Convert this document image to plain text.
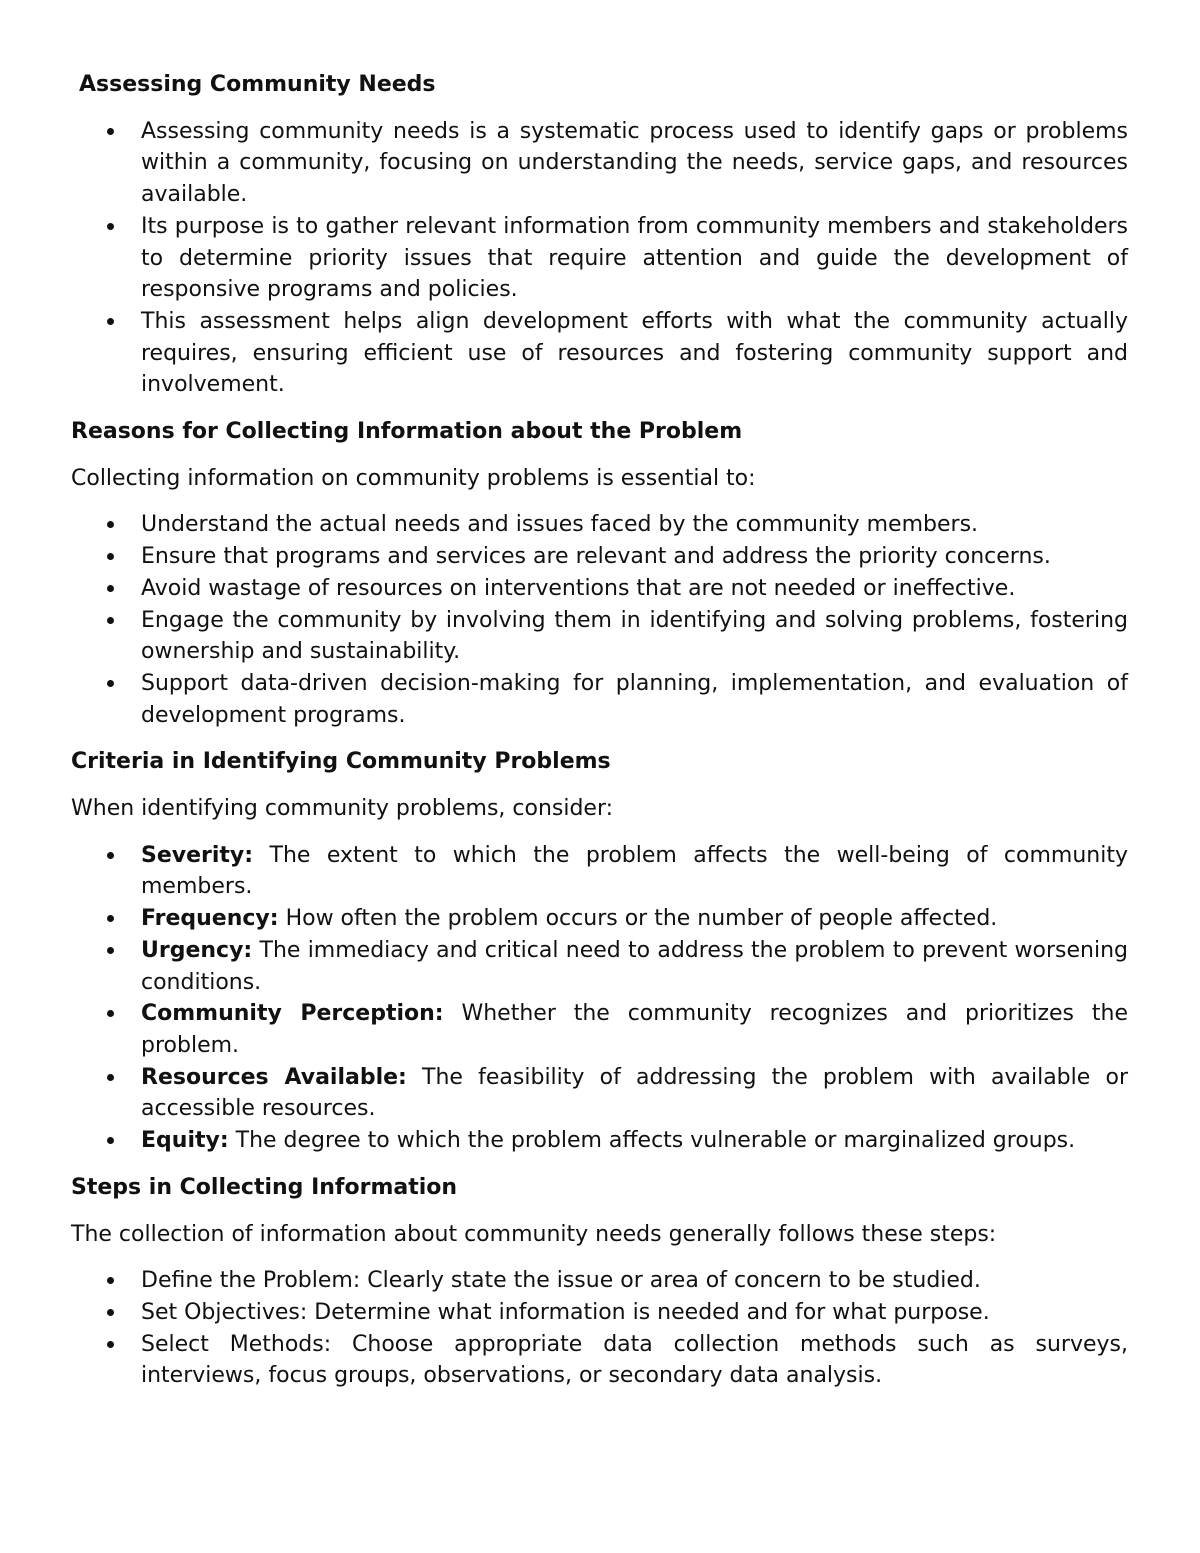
Assessing Community Needs
Assessing community needs is a systematic process used to identify gaps or problems within a community, focusing on understanding the needs, service gaps, and resources available.
Its purpose is to gather relevant information from community members and stakeholders to determine priority issues that require attention and guide the development of responsive programs and policies.
This assessment helps align development efforts with what the community actually requires, ensuring efficient use of resources and fostering community support and involvement.
Reasons for Collecting Information about the Problem

Collecting information on community problems is essential to:

Understand the actual needs and issues faced by the community members.
Ensure that programs and services are relevant and address the priority concerns.
Avoid wastage of resources on interventions that are not needed or ineffective.
Engage the community by involving them in identifying and solving problems, fostering ownership and sustainability.
Support data-driven decision-making for planning, implementation, and evaluation of development programs.
Criteria in Identifying Community Problems

When identifying community problems, consider:

Severity: The extent to which the problem affects the well-being of community members.
Frequency: How often the problem occurs or the number of people affected.
Urgency: The immediacy and critical need to address the problem to prevent worsening conditions.
Community Perception: Whether the community recognizes and prioritizes the problem.
Resources Available: The feasibility of addressing the problem with available or accessible resources.
Equity: The degree to which the problem affects vulnerable or marginalized groups.
Steps in Collecting Information

The collection of information about community needs generally follows these steps:

Define the Problem: Clearly state the issue or area of concern to be studied.
Set Objectives: Determine what information is needed and for what purpose.
Select Methods: Choose appropriate data collection methods such as surveys, interviews, focus groups, observations, or secondary data analysis.
